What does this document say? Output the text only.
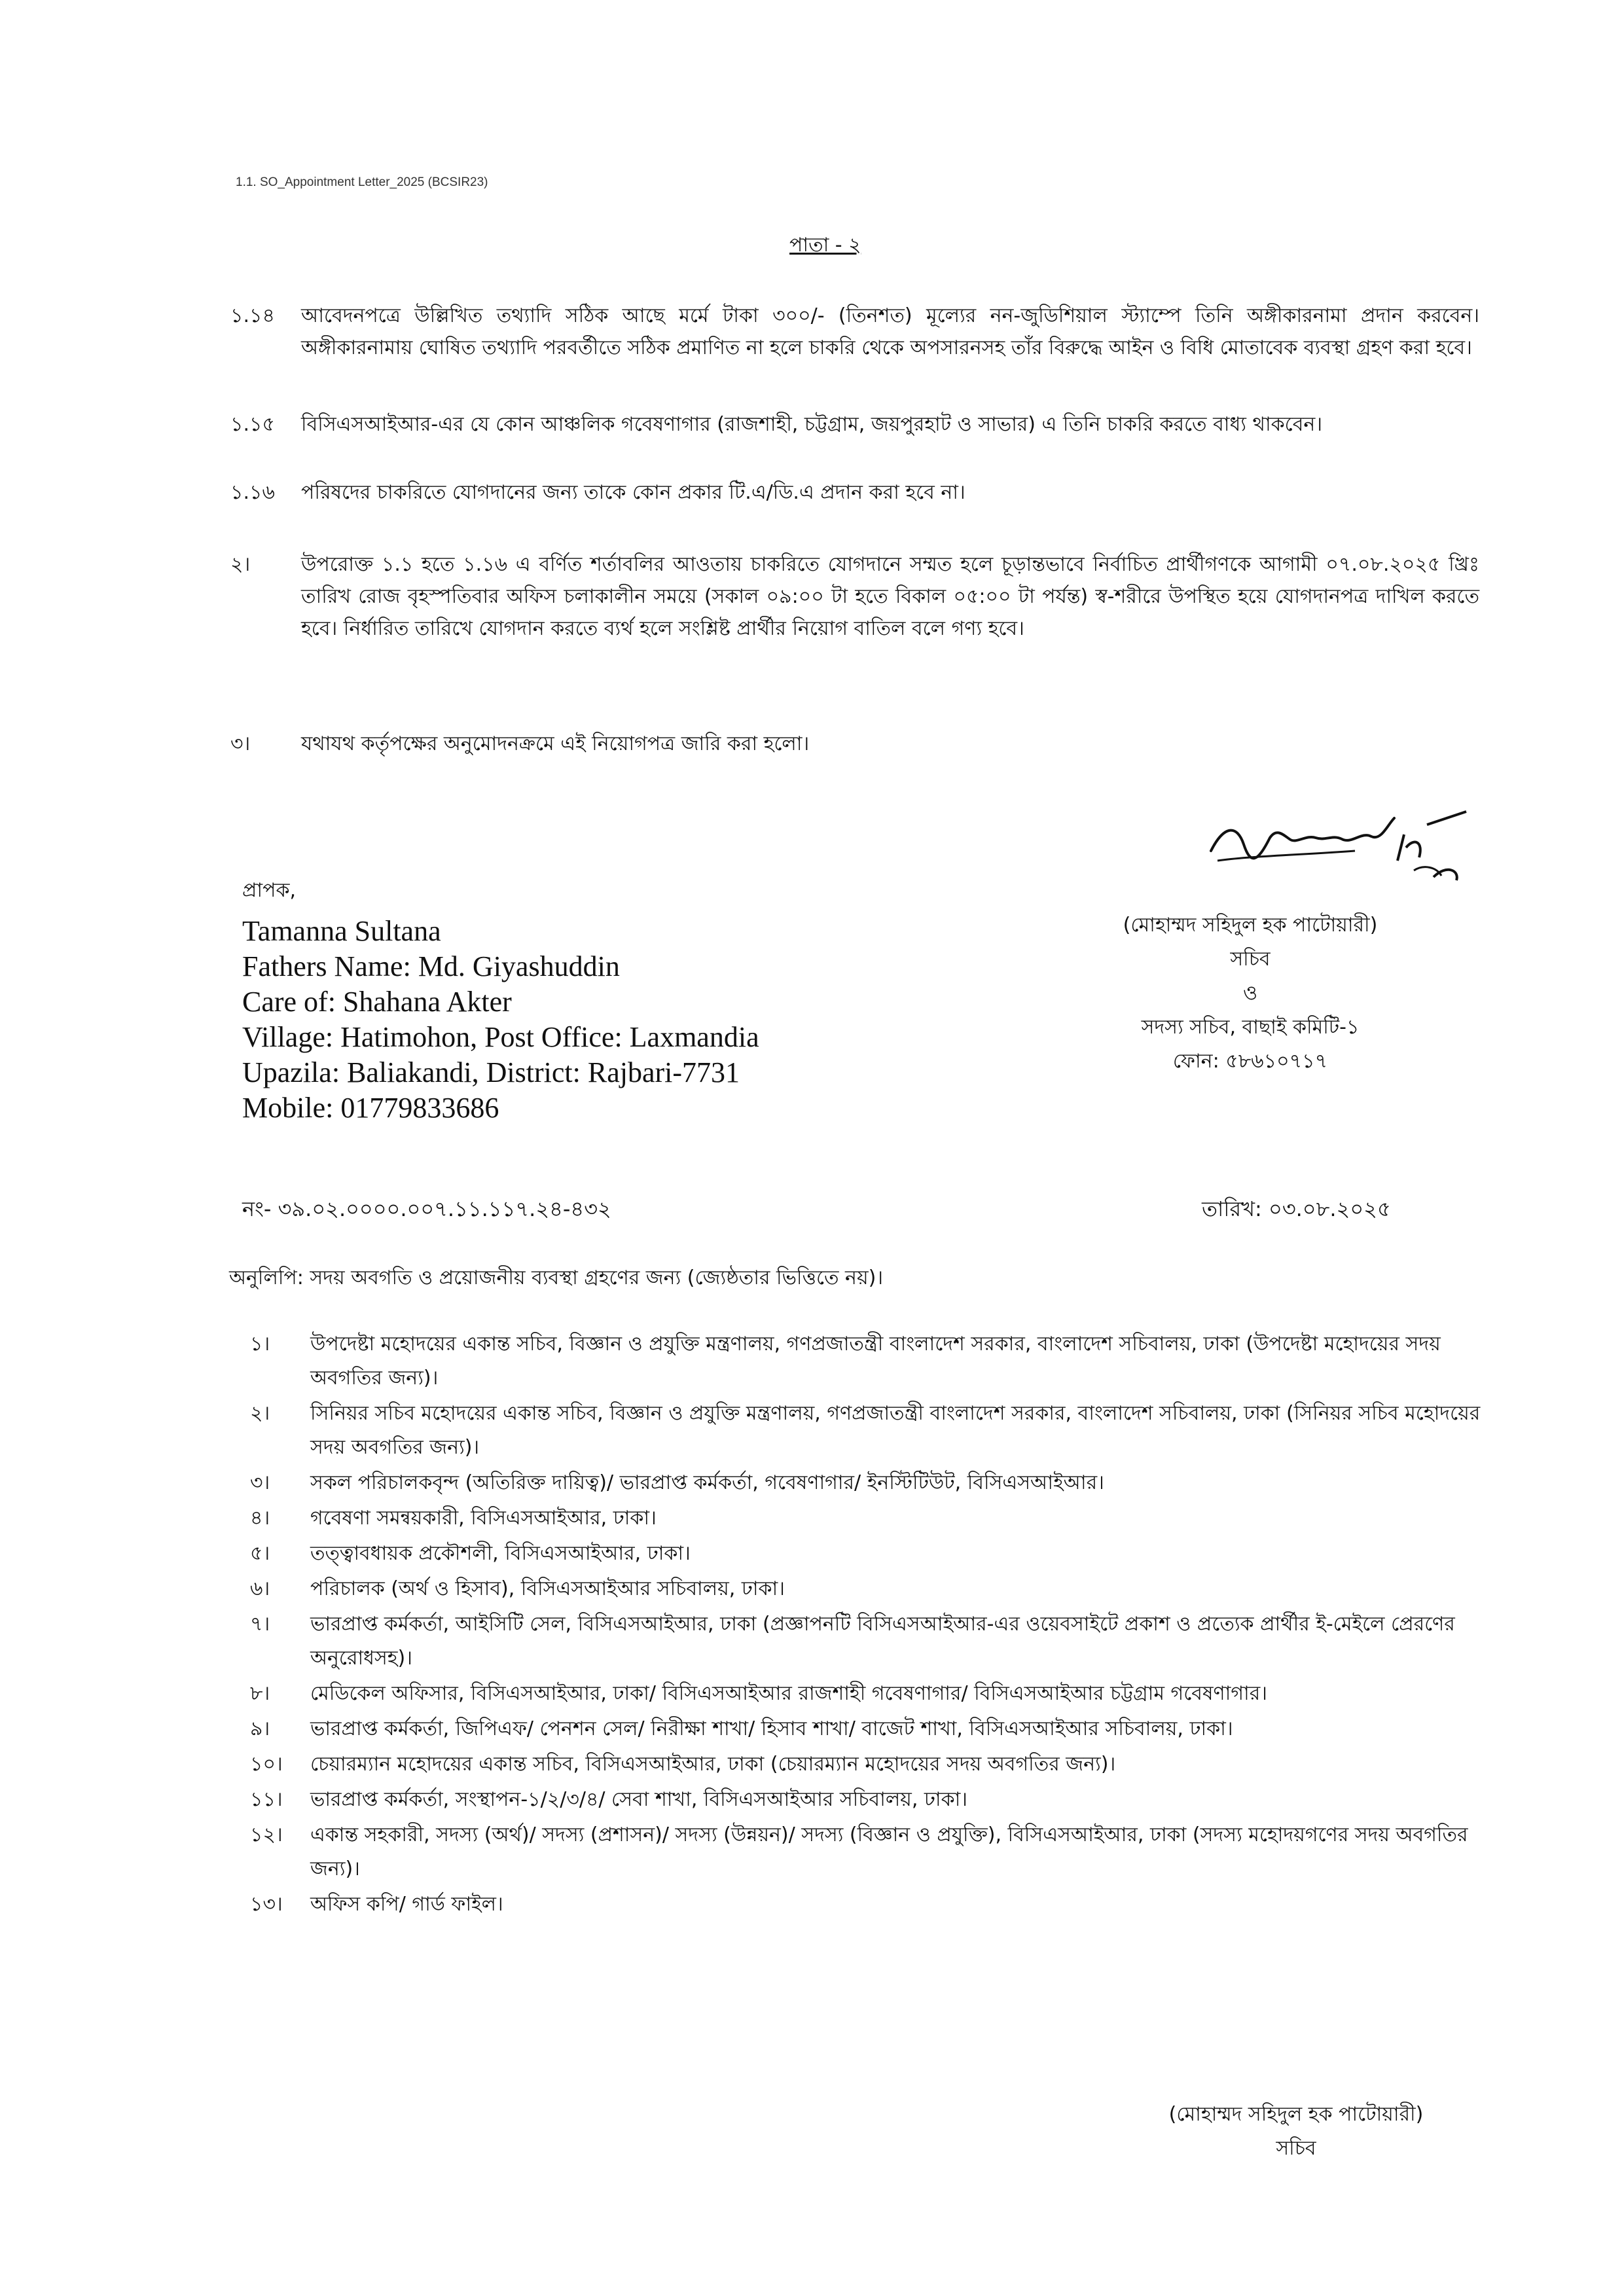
1.1. SO_Appointment Letter_2025 (BCSIR23)
পাতা - ২
১.১৪	আবেদনপত্রে উল্লিখিত তথ্যাদি সঠিক আছে মর্মে টাকা ৩০০/- (তিনশত) মূল্যের নন-জুডিশিয়াল স্ট্যাম্পে তিনি অঙ্গীকারনামা প্রদান করবেন। অঙ্গীকারনামায় ঘোষিত তথ্যাদি পরবর্তীতে সঠিক প্রমাণিত না হলে চাকরি থেকে অপসারনসহ তাঁর বিরুদ্ধে আইন ও বিধি মোতাবেক ব্যবস্থা গ্রহণ করা হবে।
১.১৫	বিসিএসআইআর-এর যে কোন আঞ্চলিক গবেষণাগার (রাজশাহী, চট্টগ্রাম, জয়পুরহাট ও সাভার) এ তিনি চাকরি করতে বাধ্য থাকবেন।
১.১৬	পরিষদের চাকরিতে যোগদানের জন্য তাকে কোন প্রকার টি.এ/ডি.এ প্রদান করা হবে না।
২।	উপরোক্ত ১.১ হতে ১.১৬ এ বর্ণিত শর্তাবলির আওতায় চাকরিতে যোগদানে সম্মত হলে চূড়ান্তভাবে নির্বাচিত প্রার্থীগণকে আগামী ০৭.০৮.২০২৫ খ্রিঃ তারিখ রোজ বৃহস্পতিবার অফিস চলাকালীন সময়ে (সকাল ০৯:০০ টা হতে বিকাল ০৫:০০ টা পর্যন্ত) স্ব-শরীরে উপস্থিত হয়ে যোগদানপত্র দাখিল করতে হবে। নির্ধারিত তারিখে যোগদান করতে ব্যর্থ হলে সংশ্লিষ্ট প্রার্থীর নিয়োগ বাতিল বলে গণ্য হবে।
৩।	যথাযথ কর্তৃপক্ষের অনুমোদনক্রমে এই নিয়োগপত্র জারি করা হলো।
প্রাপক,
Tamanna Sultana
Fathers Name: Md. Giyashuddin
Care of: Shahana Akter
Village: Hatimohon, Post Office: Laxmandia
Upazila: Baliakandi, District: Rajbari-7731
Mobile: 01779833686
(মোহাম্মদ সহিদুল হক পাটোয়ারী)
সচিব
ও
সদস্য সচিব, বাছাই কমিটি-১
ফোন: ৫৮৬১০৭১৭
নং- ৩৯.০২.০০০০.০০৭.১১.১১৭.২৪-৪৩২	তারিখ: ০৩.০৮.২০২৫
অনুলিপি: সদয় অবগতি ও প্রয়োজনীয় ব্যবস্থা গ্রহণের জন্য (জ্যেষ্ঠতার ভিত্তিতে নয়)।
১।	উপদেষ্টা মহোদয়ের একান্ত সচিব, বিজ্ঞান ও প্রযুক্তি মন্ত্রণালয়, গণপ্রজাতন্ত্রী বাংলাদেশ সরকার, বাংলাদেশ সচিবালয়, ঢাকা (উপদেষ্টা মহোদয়ের সদয় অবগতির জন্য)।
২।	সিনিয়র সচিব মহোদয়ের একান্ত সচিব, বিজ্ঞান ও প্রযুক্তি মন্ত্রণালয়, গণপ্রজাতন্ত্রী বাংলাদেশ সরকার, বাংলাদেশ সচিবালয়, ঢাকা (সিনিয়র সচিব মহোদয়ের সদয় অবগতির জন্য)।
৩।	সকল পরিচালকবৃন্দ (অতিরিক্ত দায়িত্ব)/ ভারপ্রাপ্ত কর্মকর্তা, গবেষণাগার/ ইনস্টিটিউট, বিসিএসআইআর।
৪।	গবেষণা সমন্বয়কারী, বিসিএসআইআর, ঢাকা।
৫।	তত্ত্বাবধায়ক প্রকৌশলী, বিসিএসআইআর, ঢাকা।
৬।	পরিচালক (অর্থ ও হিসাব), বিসিএসআইআর সচিবালয়, ঢাকা।
৭।	ভারপ্রাপ্ত কর্মকর্তা, আইসিটি সেল, বিসিএসআইআর, ঢাকা (প্রজ্ঞাপনটি বিসিএসআইআর-এর ওয়েবসাইটে প্রকাশ ও প্রত্যেক প্রার্থীর ই-মেইলে প্রেরণের অনুরোধসহ)।
৮।	মেডিকেল অফিসার, বিসিএসআইআর, ঢাকা/ বিসিএসআইআর রাজশাহী গবেষণাগার/ বিসিএসআইআর চট্টগ্রাম গবেষণাগার।
৯।	ভারপ্রাপ্ত কর্মকর্তা, জিপিএফ/ পেনশন সেল/ নিরীক্ষা শাখা/ হিসাব শাখা/ বাজেট শাখা, বিসিএসআইআর সচিবালয়, ঢাকা।
১০।	চেয়ারম্যান মহোদয়ের একান্ত সচিব, বিসিএসআইআর, ঢাকা (চেয়ারম্যান মহোদয়ের সদয় অবগতির জন্য)।
১১।	ভারপ্রাপ্ত কর্মকর্তা, সংস্থাপন-১/২/৩/৪/ সেবা শাখা, বিসিএসআইআর সচিবালয়, ঢাকা।
১২।	একান্ত সহকারী, সদস্য (অর্থ)/ সদস্য (প্রশাসন)/ সদস্য (উন্নয়ন)/ সদস্য (বিজ্ঞান ও প্রযুক্তি), বিসিএসআইআর, ঢাকা (সদস্য মহোদয়গণের সদয় অবগতির জন্য)।
১৩।	অফিস কপি/ গার্ড ফাইল।
(মোহাম্মদ সহিদুল হক পাটোয়ারী)
সচিব
